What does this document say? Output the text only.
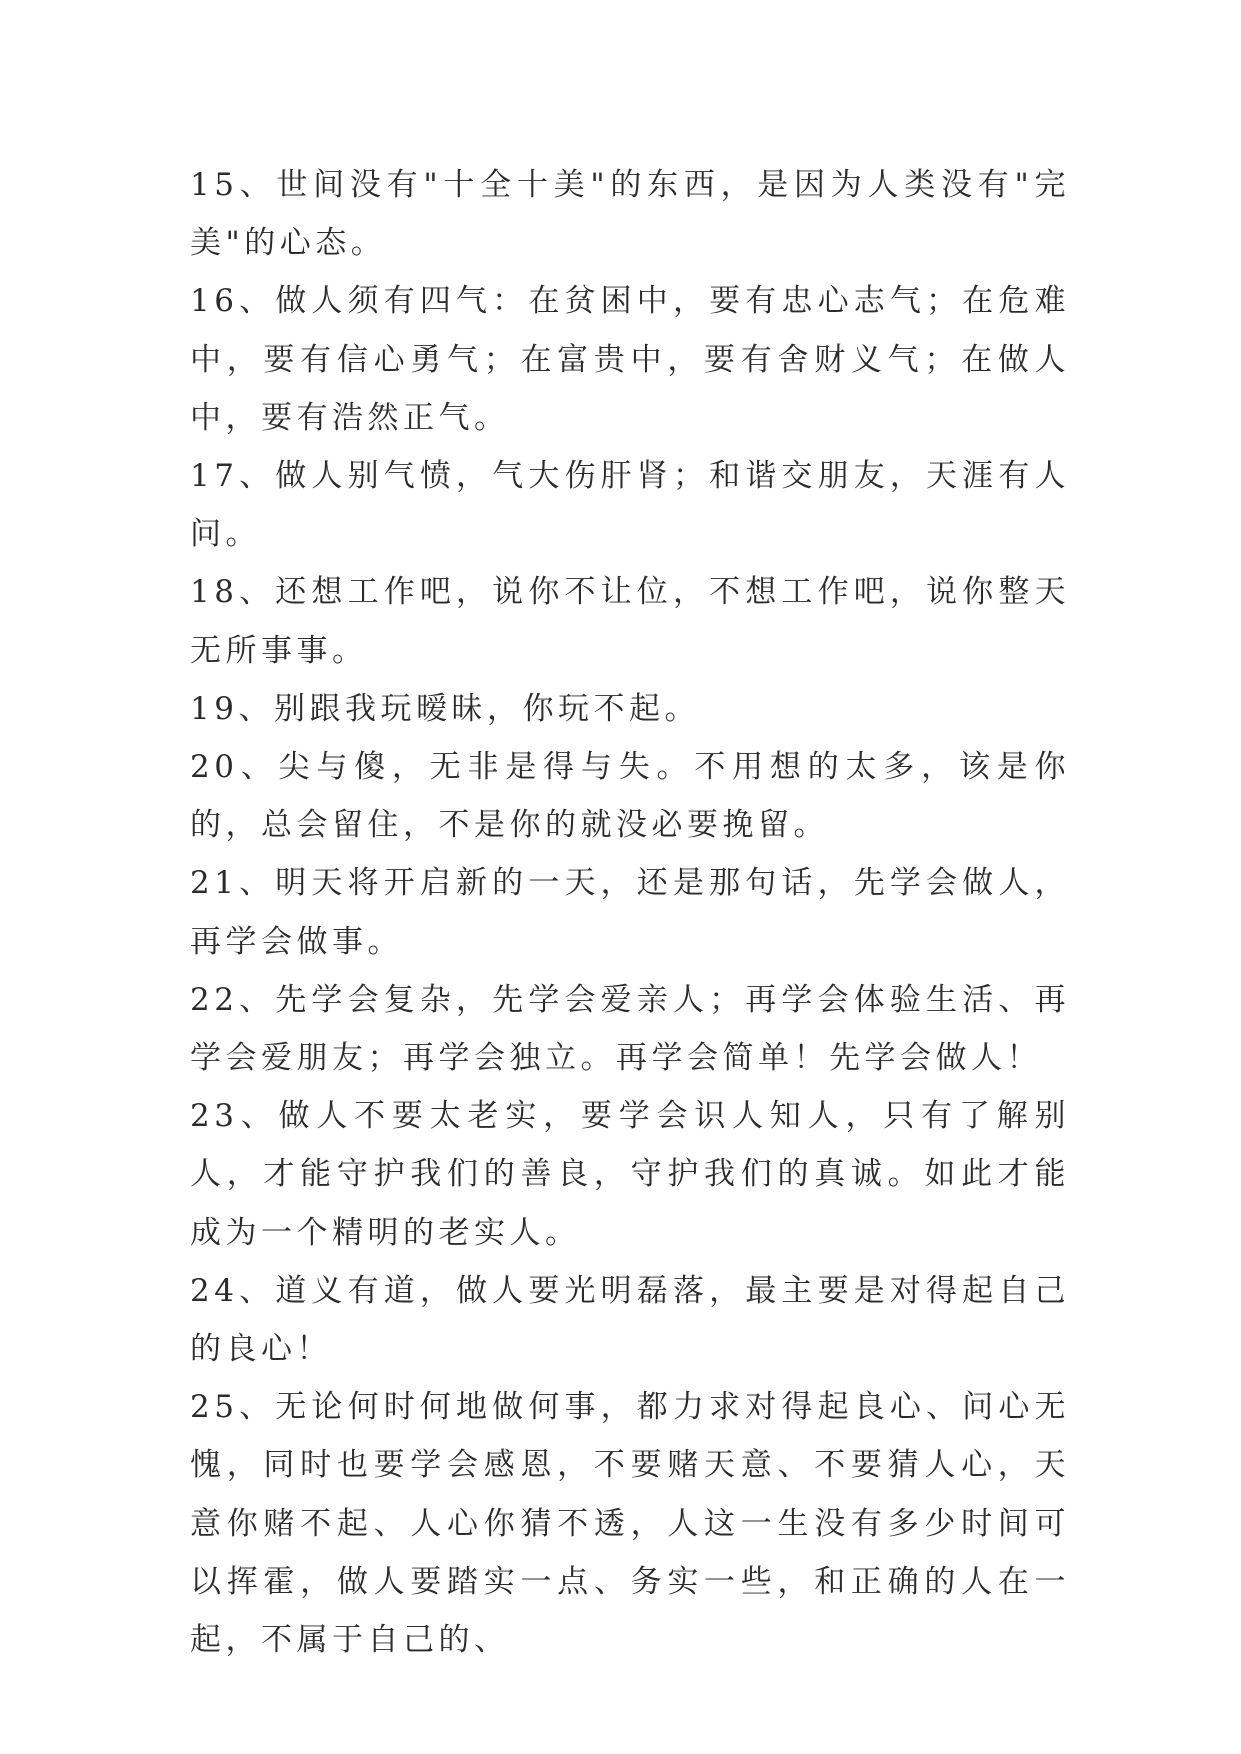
15、世间没有"十全十美"的东西，是因为人类没有"完美"的心态。

16、做人须有四气：在贫困中，要有忠心志气；在危难中，要有信心勇气；在富贵中，要有舍财义气；在做人中，要有浩然正气。

17、做人别气愤，气大伤肝肾；和谐交朋友，天涯有人问。

18、还想工作吧，说你不让位，不想工作吧，说你整天无所事事。

19、别跟我玩暧昧，你玩不起。

20、尖与傻，无非是得与失。不用想的太多，该是你的，总会留住，不是你的就没必要挽留。

21、明天将开启新的一天，还是那句话，先学会做人，再学会做事。

22、先学会复杂，先学会爱亲人；再学会体验生活、再学会爱朋友；再学会独立。再学会简单！先学会做人！

23、做人不要太老实，要学会识人知人，只有了解别人，才能守护我们的善良，守护我们的真诚。如此才能成为一个精明的老实人。

24、道义有道，做人要光明磊落，最主要是对得起自己的良心！

25、无论何时何地做何事，都力求对得起良心、问心无愧，同时也要学会感恩，不要赌天意、不要猜人心，天意你赌不起、人心你猜不透，人这一生没有多少时间可以挥霍，做人要踏实一点、务实一些，和正确的人在一起，不属于自己的、
